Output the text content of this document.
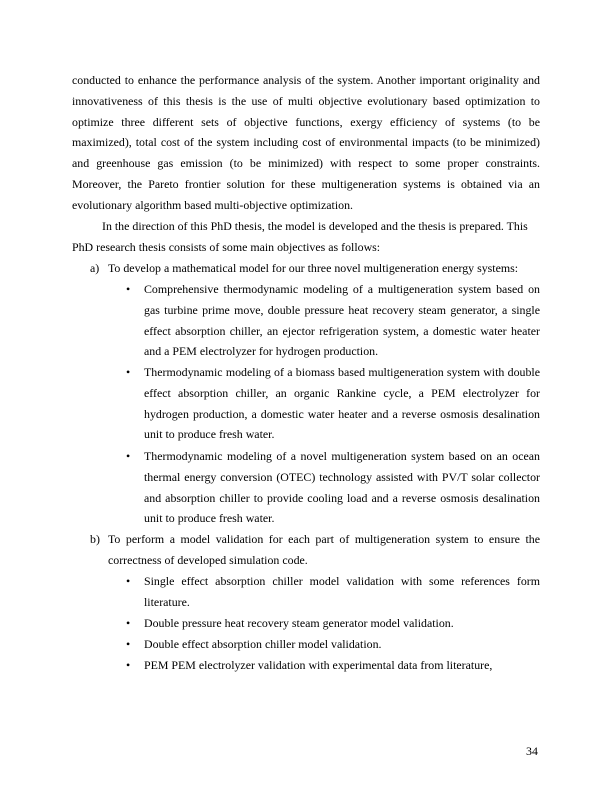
conducted to enhance the performance analysis of the system. Another important originality and
innovativeness of this thesis is the use of multi objective evolutionary based optimization to
optimize three different sets of objective functions, exergy efficiency of systems (to be
maximized), total cost of the system including cost of environmental impacts (to be minimized)
and greenhouse gas emission (to be minimized) with respect to some proper constraints.
Moreover, the Pareto frontier solution for these multigeneration systems is obtained via an
evolutionary algorithm based multi-objective optimization.
In the direction of this PhD thesis, the model is developed and the thesis is prepared. This
PhD research thesis consists of some main objectives as follows:
a) To develop a mathematical model for our three novel multigeneration energy systems:
• Comprehensive thermodynamic modeling of a multigeneration system based on gas turbine prime move, double pressure heat recovery steam generator, a single effect absorption chiller, an ejector refrigeration system, a domestic water heater and a PEM electrolyzer for hydrogen production.
• Thermodynamic modeling of a biomass based multigeneration system with double effect absorption chiller, an organic Rankine cycle, a PEM electrolyzer for hydrogen production, a domestic water heater and a reverse osmosis desalination unit to produce fresh water.
• Thermodynamic modeling of a novel multigeneration system based on an ocean thermal energy conversion (OTEC) technology assisted with PV/T solar collector and absorption chiller to provide cooling load and a reverse osmosis desalination unit to produce fresh water.
b) To perform a model validation for each part of multigeneration system to ensure the
correctness of developed simulation code.
• Single effect absorption chiller model validation with some references form literature.
• Double pressure heat recovery steam generator model validation.
• Double effect absorption chiller model validation.
• PEM PEM electrolyzer validation with experimental data from literature,
34
